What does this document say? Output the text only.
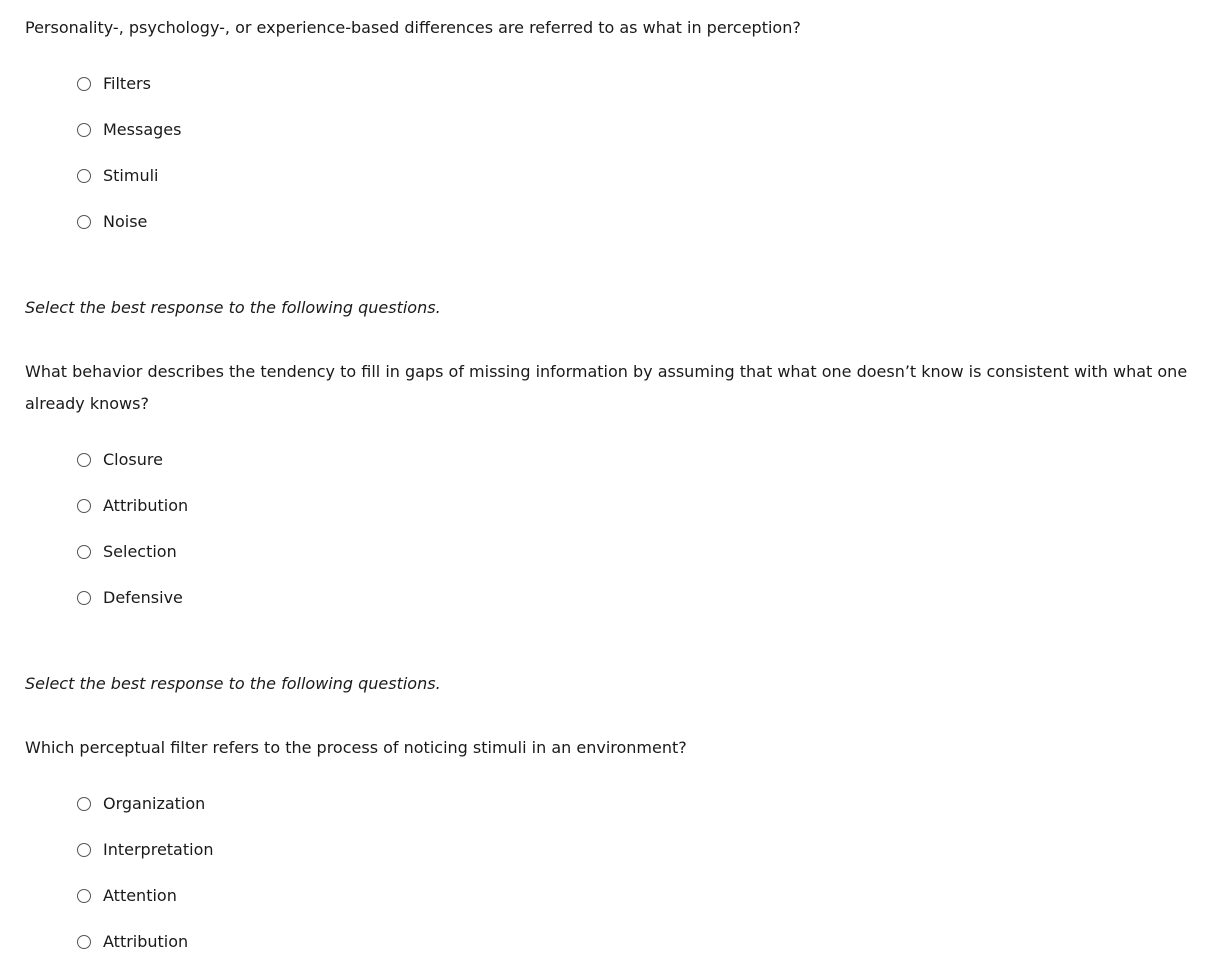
Personality-, psychology-, or experience-based differences are referred to as what in perception?
Filters
Messages
Stimuli
Noise
Select the best response to the following questions.
What behavior describes the tendency to fill in gaps of missing information by assuming that what one doesn’t know is consistent with what one already knows?
Closure
Attribution
Selection
Defensive
Select the best response to the following questions.
Which perceptual filter refers to the process of noticing stimuli in an environment?
Organization
Interpretation
Attention
Attribution
